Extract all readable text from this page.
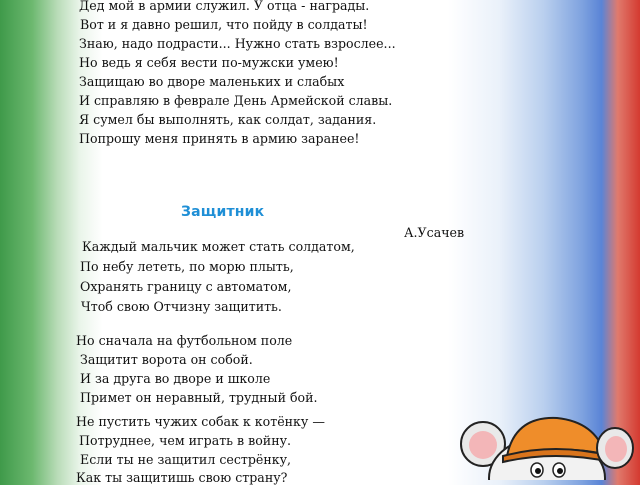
Дед мой в армии служил. У отца - награды.
Вот и я давно решил, что пойду в солдаты!
Знаю, надо подрасти... Нужно стать взрослее...
Но ведь я себя вести по-мужски умею!
Защищаю во дворе маленьких и слабых
И справляю в феврале День Армейской славы.
Я сумел бы выполнять, как солдат, задания.
Попрошу меня принять в армию заранее!
Защитник
А.Усачев
Каждый мальчик может стать солдатом,
По небу лететь, по морю плыть,
Охранять границу с автоматом,
Чтоб свою Отчизну защитить.
Но сначала на футбольном поле
Защитит ворота он собой.
И за друга во дворе и школе
Примет он неравный, трудный бой.
Не пустить чужих собак к котёнку —
Потруднее, чем играть в войну.
Если ты не защитил сестрёнку,
Как ты защитишь свою страну?
